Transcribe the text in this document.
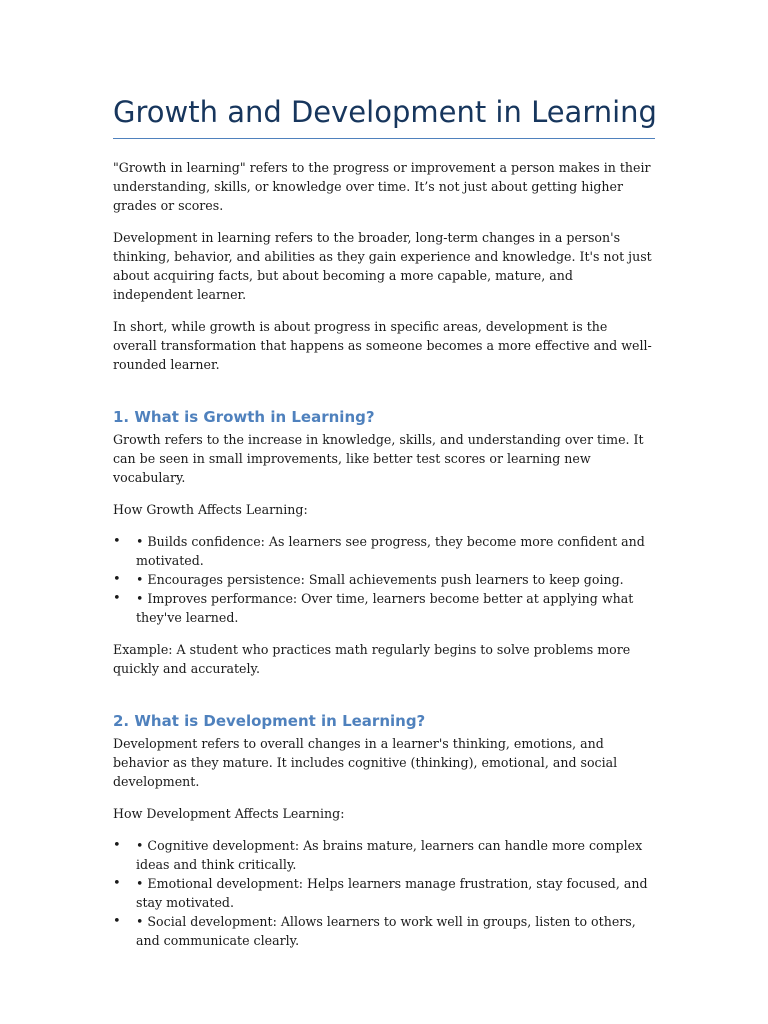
Growth and Development in Learning

"Growth in learning" refers to the progress or improvement a person makes in their understanding, skills, or knowledge over time. It’s not just about getting higher grades or scores.

Development in learning refers to the broader, long-term changes in a person's thinking, behavior, and abilities as they gain experience and knowledge. It's not just about acquiring facts, but about becoming a more capable, mature, and independent learner.

In short, while growth is about progress in specific areas, development is the overall transformation that happens as someone becomes a more effective and well-rounded learner.

1. What is Growth in Learning?

Growth refers to the increase in knowledge, skills, and understanding over time. It can be seen in small improvements, like better test scores or learning new vocabulary.

How Growth Affects Learning:

• • Builds confidence: As learners see progress, they become more confident and motivated.
• • Encourages persistence: Small achievements push learners to keep going.
• • Improves performance: Over time, learners become better at applying what they've learned.

Example: A student who practices math regularly begins to solve problems more quickly and accurately.

2. What is Development in Learning?

Development refers to overall changes in a learner's thinking, emotions, and behavior as they mature. It includes cognitive (thinking), emotional, and social development.

How Development Affects Learning:

• • Cognitive development: As brains mature, learners can handle more complex ideas and think critically.
• • Emotional development: Helps learners manage frustration, stay focused, and stay motivated.
• • Social development: Allows learners to work well in groups, listen to others, and communicate clearly.
